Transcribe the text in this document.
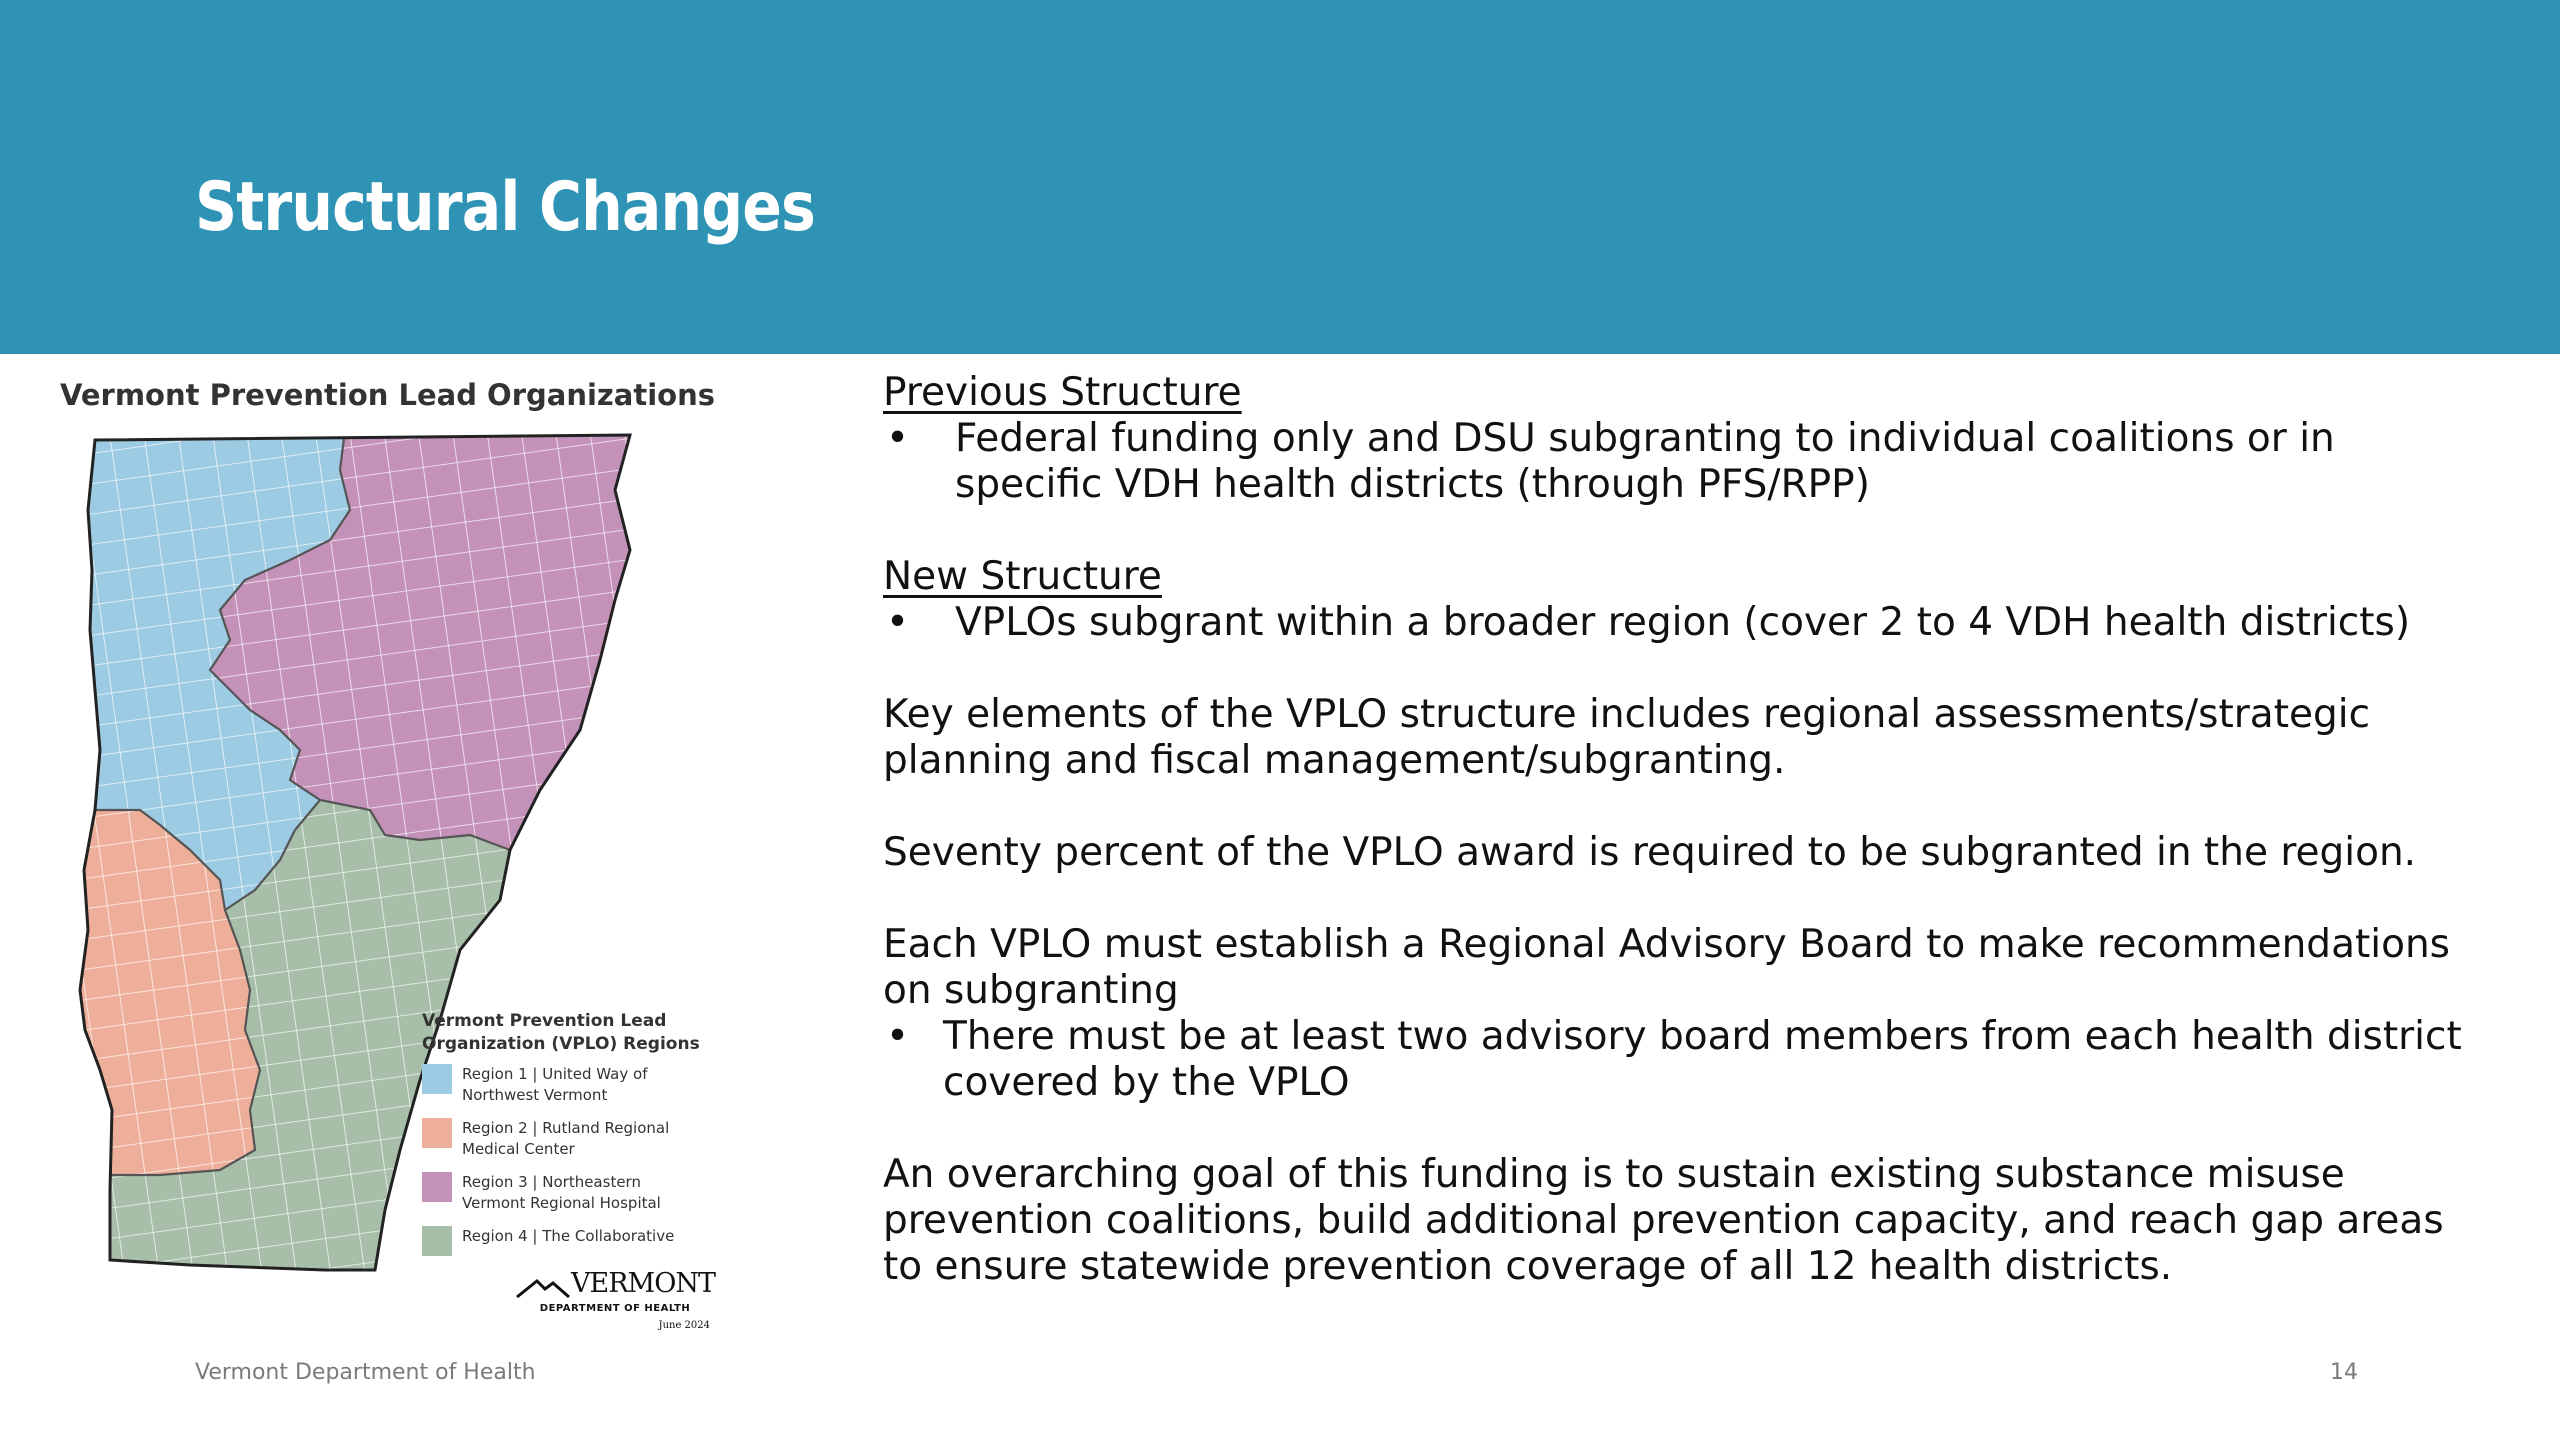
Structural Changes
Vermont Prevention Lead Organizations
Vermont Prevention Lead Organization (VPLO) Regions
Region 1 | United Way of Northwest Vermont
Region 2 | Rutland Regional Medical Center
Region 3 | Northeastern Vermont Regional Hospital
Region 4 | The Collaborative
VERMONT
DEPARTMENT OF HEALTH
June 2024

Previous Structure

•	Federal funding only and DSU subgranting to individual coalitions or in specific VDH health districts (through PFS/RPP)

New Structure

•	VPLOs subgrant within a broader region (cover 2 to 4 VDH health districts)

Key elements of the VPLO structure includes regional assessments/strategic planning and fiscal management/subgranting.

Seventy percent of the VPLO award is required to be subgranted in the region.

Each VPLO must establish a Regional Advisory Board to make recommendations on subgranting

• There must be at least two advisory board members from each health district covered by the VPLO

An overarching goal of this funding is to sustain existing substance misuse prevention coalitions, build additional prevention capacity, and reach gap areas to ensure statewide prevention coverage of all 12 health districts.

Vermont Department of Health	14
